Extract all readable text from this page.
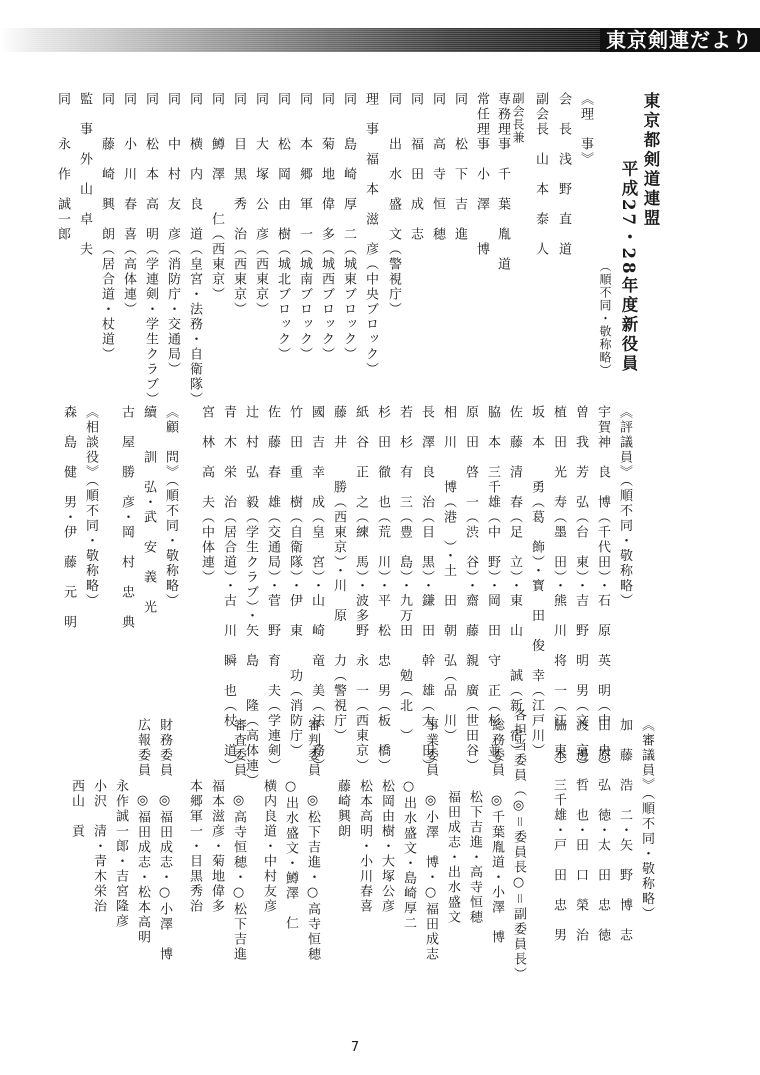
東京剣連だより
東京都剣道連盟
平成27・28年度新役員
（順不同・敬称略）
《理　事》
会　長　浅　野　直　道
副会長　山　本　泰　人
副会長兼
専務理事　千　葉　胤　道
常任理事　小　澤　　博
同　　松　下　吉　進
同　　高　寺　恒　穂
同　　福　田　成　志
同　　出　水　盛　文（警視庁）
理　事　福　本　滋　彦（中央ブロック）
同　　島　崎　厚　二（城東ブロック）
同　　菊　地　偉　多（城西ブロック）
同　　本　郷　軍　一（城南ブロック）
同　　松　岡　由　樹（城北ブロック）
同　　大　塚　公　彦（西東京）
同　　目　黒　秀　治（西東京）
同　　鱒　澤　　仁（西東京）
同　　横　内　良　道（皇宮・法務・自衛隊）
同　　中　村　友　彦（消防庁・交通局）
同　　松　本　高　明（学連剣・学生クラブ）
同　　小　川　春　喜（高体連）
同　　藤　崎　興　朗（居合道・杖道）
監　事　外　山　卓　夫
同　　永　作　誠一郎
《評議員》（順不同・敬称略）
宇賀神　良　博（千代田）・石　原　英　明（中　央）
曽　我　芳　弘（台　東）・吉　野　明　男（文　京）
植　田　光　寿（墨　田）・熊　川　将　一（江　東）
坂　本　　勇（葛　飾）・寳　田　俊　幸（江戸川）
佐　藤　清　春（足　立）・東　山　　誠（新　宿）
脇　本　三千雄（中　野）・岡　田　守　正（杉　並）
原　田　啓　一（渋　谷）・齋　藤　親　廣（世田谷）
相　川　　博（港　）・土　田　朝　弘（品　川）
長　澤　良　治（目　黒）・鎌　田　幹　雄（大　田）
若　杉　有　三（豊　島）・九万田　　勉（北　）
杉　田　徹　也（荒　川）・平　松　忠　男（板　橋）
紙　谷　正　之（練　馬）・波多野　永　一（西東京）
藤　井　　勝（西東京）・川　原　　力（警視庁）
國　吉　幸　成（皇　宮）・山　崎　竜　美（法　務）
竹　田　重　樹（自衛隊）・伊　東　　功（消防庁）
佐　藤　春　雄（交通局）・菅　野　育　夫（学連剣）
辻　村　弘　毅（学生クラブ）・矢　島　　隆（高体連）
青　木　栄　治（居合道）・古　川　瞬　也（杖　道）
宮　林　高　夫（中体連）
《顧　問》（順不同・敬称略）
續　　訓　弘・武　安　義　光
古　屋　勝　彦・岡　村　忠　典
《相談役》（順不同・敬称略）
森　島　健　男・伊　藤　元　明
《審議員》（順不同・敬称略）
加　藤　浩　二・矢　野　博　志
田　原　弘　徳・太　田　忠　徳
渡　邊　哲　也・田　口　榮　治
脇　本　三千雄・戸　田　忠　男
各担当委員（◎＝委員長○＝副委員長）
総務委員　◎千葉胤道・小澤　博
松下吉進・高寺恒穂
福田成志・出水盛文
事業委員　◎小澤　博・○福田成志
○出水盛文・島崎厚二
松岡由樹・大塚公彦
松本高明・小川春喜
藤崎興朗
審判委員　◎松下吉進・○高寺恒穂
○出水盛文・鱒澤　仁
横内良道・中村友彦
審査委員　◎高寺恒穂・○松下吉進
福本滋彦・菊地偉多
本郷軍一・目黒秀治
財務委員　◎福田成志・○小澤　博
広報委員　◎福田成志・松本高明
永作誠一郎・吉宮隆彦
小沢　清・青木栄治
西山　貢
7
